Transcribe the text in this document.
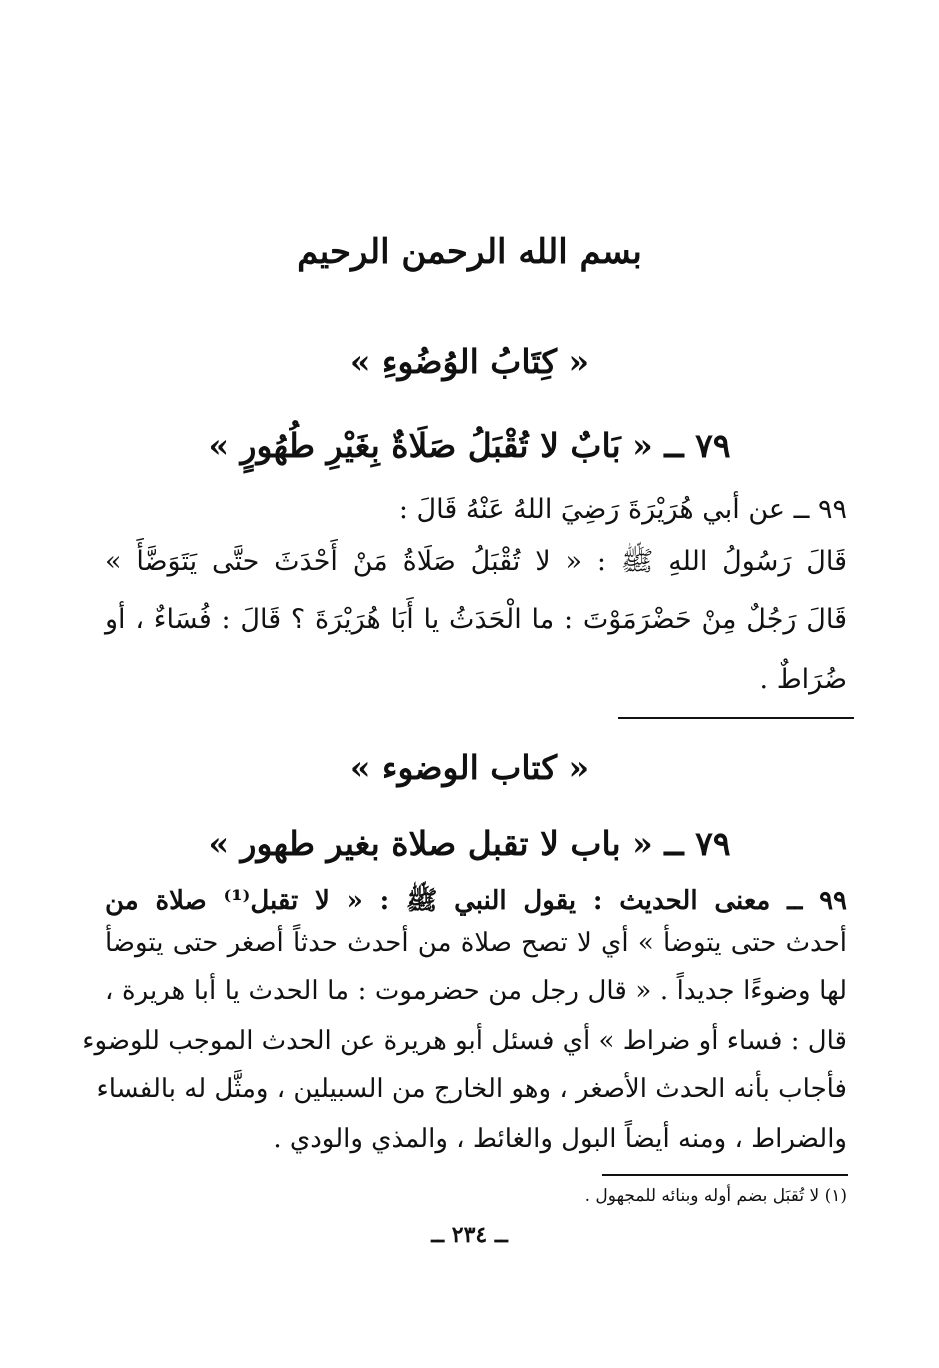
بسم الله الرحمن الرحيم
« كِتَابُ الوُضُوءِ »
٧٩ ــ « بَابٌ لا تُقْبَلُ صَلَاةٌ بِغَيْرِ طُهُورٍ »
٩٩ ــ عن أبي هُرَيْرَةَ رَضِيَ اللهُ عَنْهُ قَالَ :
قَالَ رَسُولُ اللهِ ﷺ : « لا تُقْبَلُ صَلَاةُ مَنْ أَحْدَثَ حتَّى يَتَوَضَّأَ »
قَالَ رَجُلٌ مِنْ حَضْرَمَوْتَ : ما الْحَدَثُ يا أَبَا هُرَيْرَةَ ؟ قَالَ : فُسَاءٌ ، أو
ضُرَاطٌ .
« كتاب الوضوء »
٧٩ ــ « باب لا تقبل صلاة بغير طهور »
٩٩ ــ معنى الحديث : يقول النبي ﷺ : « لا تقبل⁽¹⁾ صلاة من
أحدث حتى يتوضأ » أي لا تصح صلاة من أحدث حدثاً أصغر حتى يتوضأ
لها وضوءًا جديداً . « قال رجل من حضرموت : ما الحدث يا أبا هريرة ،
قال : فساء أو ضراط » أي فسئل أبو هريرة عن الحدث الموجب للوضوء
فأجاب بأنه الحدث الأصغر ، وهو الخارج من السبيلين ، ومثَّل له بالفساء
والضراط ، ومنه أيضاً البول والغائط ، والمذي والودي .
(١) لا تُقبَل بضم أوله وبنائه للمجهول .
ــ ٢٣٤ ــ
